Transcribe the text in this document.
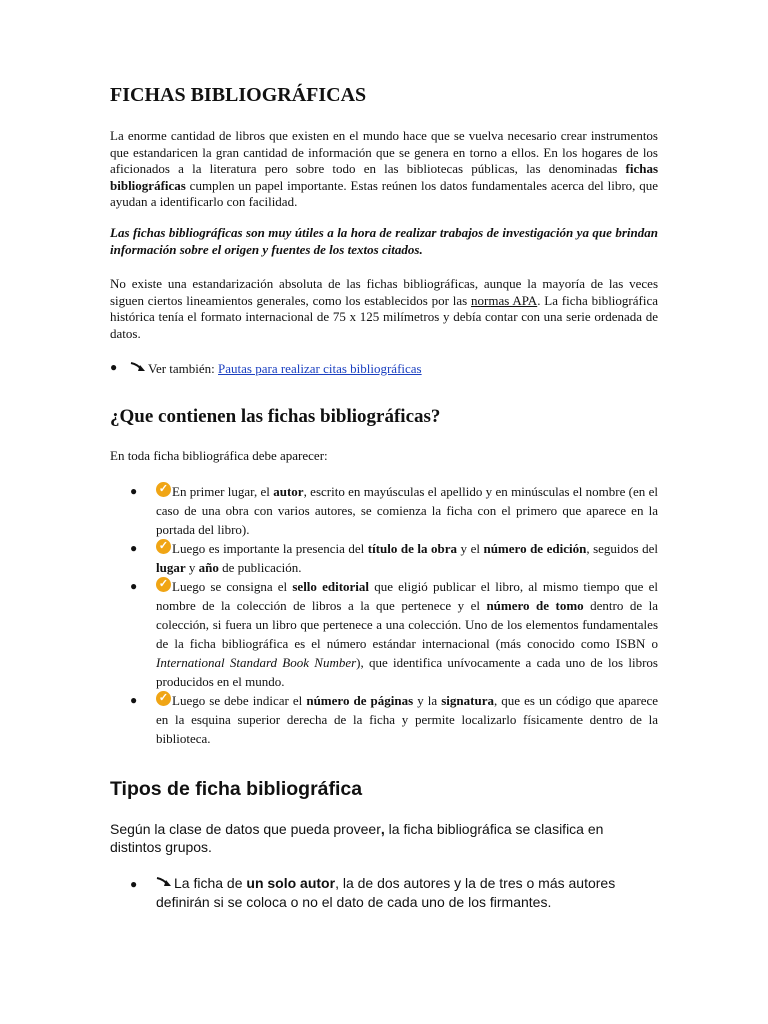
FICHAS BIBLIOGRÁFICAS

La enorme cantidad de libros que existen en el mundo hace que se vuelva necesario crear instrumentos que estandaricen la gran cantidad de información que se genera en torno a ellos. En los hogares de los aficionados a la literatura pero sobre todo en las bibliotecas públicas, las denominadas fichas bibliográficas cumplen un papel importante. Estas reúnen los datos fundamentales acerca del libro, que ayudan a identificarlo con facilidad.

Las fichas bibliográficas son muy útiles a la hora de realizar trabajos de investigación ya que brindan información sobre el origen y fuentes de los textos citados.

No existe una estandarización absoluta de las fichas bibliográficas, aunque la mayoría de las veces siguen ciertos lineamientos generales, como los establecidos por las normas APA. La ficha bibliográfica histórica tenía el formato internacional de 75 x 125 milímetros y debía contar con una serie ordenada de datos.

● Ver también: Pautas para realizar citas bibliográficas
¿Que contienen las fichas bibliográficas?
En toda ficha bibliográfica debe aparecer:
● ✓ En primer lugar, el autor, escrito en mayúsculas el apellido y en minúsculas el nombre (en el caso de una obra con varios autores, se comienza la ficha con el primero que aparece en la portada del libro).
● ✓ Luego es importante la presencia del título de la obra y el número de edición, seguidos del lugar y año de publicación.
● ✓ Luego se consigna el sello editorial que eligió publicar el libro, al mismo tiempo que el nombre de la colección de libros a la que pertenece y el número de tomo dentro de la colección, si fuera un libro que pertenece a una colección. Uno de los elementos fundamentales de la ficha bibliográfica es el número estándar internacional (más conocido como ISBN o International Standard Book Number), que identifica unívocamente a cada uno de los libros producidos en el mundo.
● ✓ Luego se debe indicar el número de páginas y la signatura, que es un código que aparece en la esquina superior derecha de la ficha y permite localizarlo físicamente dentro de la biblioteca.
Tipos de ficha bibliográfica

Según la clase de datos que pueda proveer, la ficha bibliográfica se clasifica en distintos grupos.

●	La ficha de un solo autor, la de dos autores y la de tres o más autores definirán si se coloca o no el dato de cada uno de los firmantes.
